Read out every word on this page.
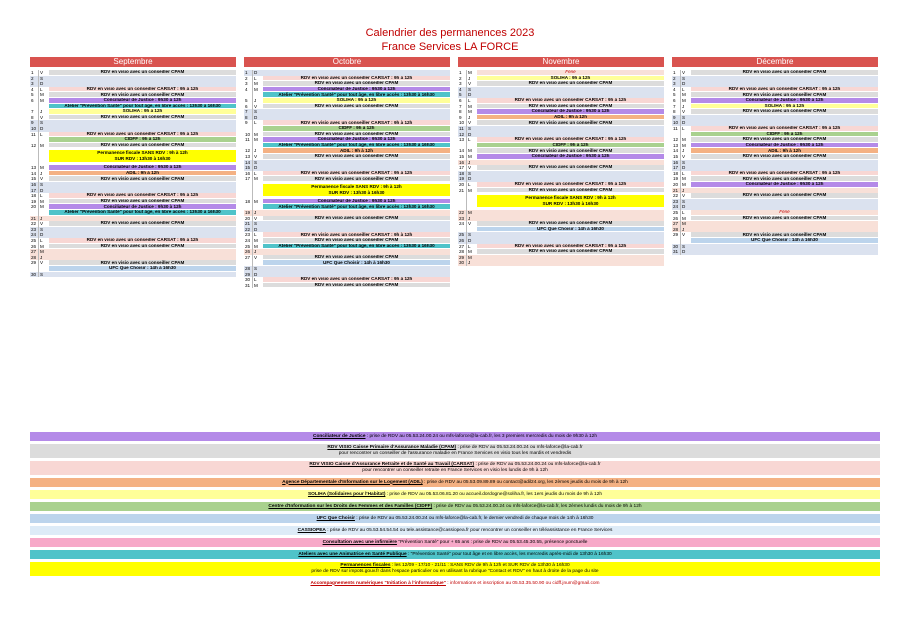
Calendrier des permanences 2023
France Services LA FORCE
Septembre
1	V	RDV en visio avec un conseiller CPAM
2	S
3	D
4	L	RDV en visio avec un conseiller CARSAT : 9h à 12h
5	M	RDV en visio avec un conseiller CPAM
6	M	Conciliateur de Justice : 9h30 à 12h
Atelier "Prévention Santé" pour tout âge, en libre accès : 13h30 à 16h30
7	J	SOLIHA : 9h à 12h
8	V	RDV en visio avec un conseiller CPAM
9	S
10 D
11 L	RDV en visio avec un conseiller CARSAT : 9h à 12h
CIDFF : 9h à 12h
12 M	RDV en visio avec un conseiller CPAM
Permanence fiscale SANS RDV : 9h à 12h
SUR RDV : 13h30 à 16h30
13 M	Conciliateur de Justice : 9h30 à 12h
14 J	ADIL : 9h à 12h
15 V	RDV en visio avec un conseiller CPAM
16 S
17 D
18 L	RDV en visio avec un conseiller CARSAT : 9h à 12h
19 M	RDV en visio avec un conseiller CPAM
20 M	Conciliateur de Justice : 9h30 à 12h
Atelier "Prévention Santé" pour tout âge, en libre accès : 13h30 à 16h30
21 J
22 V	RDV en visio avec un conseiller CPAM
23 S
24 D
25 L	RDV en visio avec un conseiller CARSAT : 9h à 12h
26 M	RDV en visio avec un conseiller CPAM
27 M
28 J
29 V	RDV en visio avec un conseiller CPAM
UFC Que Choisir : 14h à 16h30
30 S
Octobre
1	D
2	L	RDV en visio avec un conseiller CARSAT : 9h à 12h
3	M	RDV en visio avec un conseiller CPAM
4	M	Conciliateur de Justice : 9h30 à 12h
Atelier "Prévention Santé" pour tout âge, en libre accès : 13h30 à 16h30
5	J	SOLIHA : 9h à 12h
6	V	RDV en visio avec un conseiller CPAM
7	S
8	D
9	L	RDV en visio avec un conseiller CARSAT : 9h à 12h
CIDFF : 9h à 12h
10 M	RDV en visio avec un conseiller CPAM
11 M	Conciliateur de Justice : 9h30 à 12h
Atelier "Prévention Santé" pour tout âge, en libre accès : 13h30 à 16h30
12 J	ADIL : 9h à 12h
13 V	RDV en visio avec un conseiller CPAM
14 S
15 D
16 L	RDV en visio avec un conseiller CARSAT : 9h à 12h
17 M	RDV en visio avec un conseiller CPAM
Permanence fiscale SANS RDV : 9h à 12h
SUR RDV : 13h30 à 16h30
18 M	Conciliateur de Justice : 9h30 à 12h
Atelier "Prévention Santé" pour tout âge, en libre accès : 13h30 à 16h30
19 J
20 V	RDV en visio avec un conseiller CPAM
21 S
22 D
23 L	RDV en visio avec un conseiller CARSAT : 9h à 12h
24 M	RDV en visio avec un conseiller CPAM
25 M	Atelier "Prévention Santé" pour tout âge, en libre accès : 13h30 à 16h30
26 J
27 V	RDV en visio avec un conseiller CPAM
UFC Que Choisir : 14h à 16h30
28 S
29 D
30 L	RDV en visio avec un conseiller CARSAT : 9h à 12h
31 M	RDV en visio avec un conseiller CPAM
Novembre
1	M	Férié
2	J	SOLIHA : 9h à 12h
3	V	RDV en visio avec un conseiller CPAM
4	S
5	D
6	L	RDV en visio avec un conseiller CARSAT : 9h à 12h
7	M	RDV en visio avec un conseiller CPAM
8	M	Conciliateur de Justice : 9h30 à 12h
9	J	ADIL : 9h à 12h
10 V	RDV en visio avec un conseiller CPAM
11 S
12 D
13 L	RDV en visio avec un conseiller CARSAT : 9h à 12h
CIDFF : 9h à 12h
14 M	RDV en visio avec un conseiller CPAM
15 M	Conciliateur de Justice : 9h30 à 12h
16 J
17 V	RDV en visio avec un conseiller CPAM
18 S
19 D
20 L	RDV en visio avec un conseiller CARSAT : 9h à 12h
21 M	RDV en visio avec un conseiller CPAM
Permanence fiscale SANS RDV : 9h à 12h
SUR RDV : 13h30 à 16h30
22 M
23 J
24 V	RDV en visio avec un conseiller CPAM
UFC Que Choisir : 14h à 16h30
25 S
26 D
27 L	RDV en visio avec un conseiller CARSAT : 9h à 12h
28 M	RDV en visio avec un conseiller CPAM
29 M
30 J
Décembre
1	V	RDV en visio avec un conseiller CPAM
2	S
3	D
4	L	RDV en visio avec un conseiller CARSAT : 9h à 12h
5	M	RDV en visio avec un conseiller CPAM
6	M	Conciliateur de Justice : 9h30 à 12h
7	J	SOLIHA : 9h à 12h
8	V	RDV en visio avec un conseiller CPAM
9	S
10 D
11 L	RDV en visio avec un conseiller CARSAT : 9h à 12h
CIDFF : 9h à 12h
12 M	RDV en visio avec un conseiller CPAM
13 M	Conciliateur de Justice : 9h30 à 12h
14 J	ADIL : 9h à 12h
15 V	RDV en visio avec un conseiller CPAM
16 S
17 D
18 L	RDV en visio avec un conseiller CARSAT : 9h à 12h
19 M	RDV en visio avec un conseiller CPAM
20 M	Conciliateur de Justice : 9h30 à 12h
21 J
22 V	RDV en visio avec un conseiller CPAM
23 S
24 D
25 L	Férié
26 M	RDV en visio avec un conseiller CPAM
27 M
28 J
29 V	RDV en visio avec un conseiller CPAM
UFC Que Choisir : 14h à 16h30
30 S
31 D
Conciliateur de Justice : prise de RDV au 05.53.24.00.24 ou mfs-laforce@la-cab.fr, les 3 premiers mercredis du mois de 9h30 à 12h
RDV VISIO Caisse Primaire d'Assurance Maladie (CPAM) : prise de RDV au 05.53.24.00.24 ou mfs-laforce@la-cab.fr
pour rencontrer un conseiller de l'assurance maladie en France Services en visio tous les mardis et vendredis
RDV VISIO Caisse d'Assurance Retraite et de Santé au Travail (CARSAT) : prise de RDV au 05.53.24.00.24 ou mfs-laforce@la-cab.fr
pour rencontrer un conseiller retraite en France Services en visio les lundis de 9h à 12h
Agence Départementale d'Information sur le Logement (ADIL) : prise de RDV au 05.53.09.89.89 ou contact@adil24.org, les 2èmes jeudis du mois de 9h à 12h
SOLIHA (Solidaires pour l'Habitat) : prise de RDV au 05.53.06.81.20 ou accueil.dordogne@soliha.fr, les 1ers jeudis du mois de 9h à 12h
Centre d'Information sur les Droits des Femmes et des Familles (CIDFF) : prise de RDV au 05.53.24.00.24 ou mfs-laforce@la-cab.fr, les 2èmes lundis du mois de 9h à 12h
UFC Que Choisir : prise de RDV au 05.53.24.00.24 ou mfs-laforce@la-cab.fr, le dernier vendredi de chaque mois de 14h à 16h30
CASSIOPEA : prise de RDV au 05.53.54.54.54 ou tele.assistance@cassiopea.fr pour rencontrer un conseiller en téléassistance en France Services
Consultation avec une infirmière "Prévention Santé" pour + 65 ans : prise de RDV au 05.53.45.30.55, présence ponctuelle
Ateliers avec une Animatrice en Santé Publique : "Prévention Santé" pour tout âge et en libre accès, les mercredis après-midi de 13h30 à 16h30
Permanences fiscales : les 12/09 - 17/10 - 21/11 : SANS RDV de 9h à 12h et SUR RDV de 13h30 à 16h30
prise de RDV sur impots.gouv.fr dans l'espace particulier ou en utilisant la rubrique "Contact et RDV" en haut à droite de la page du site
Accompagnements numériques "Initiation à l'informatique" : informations et inscription au 05.53.35.50.90 ou cidff.jnum@gmail.com
